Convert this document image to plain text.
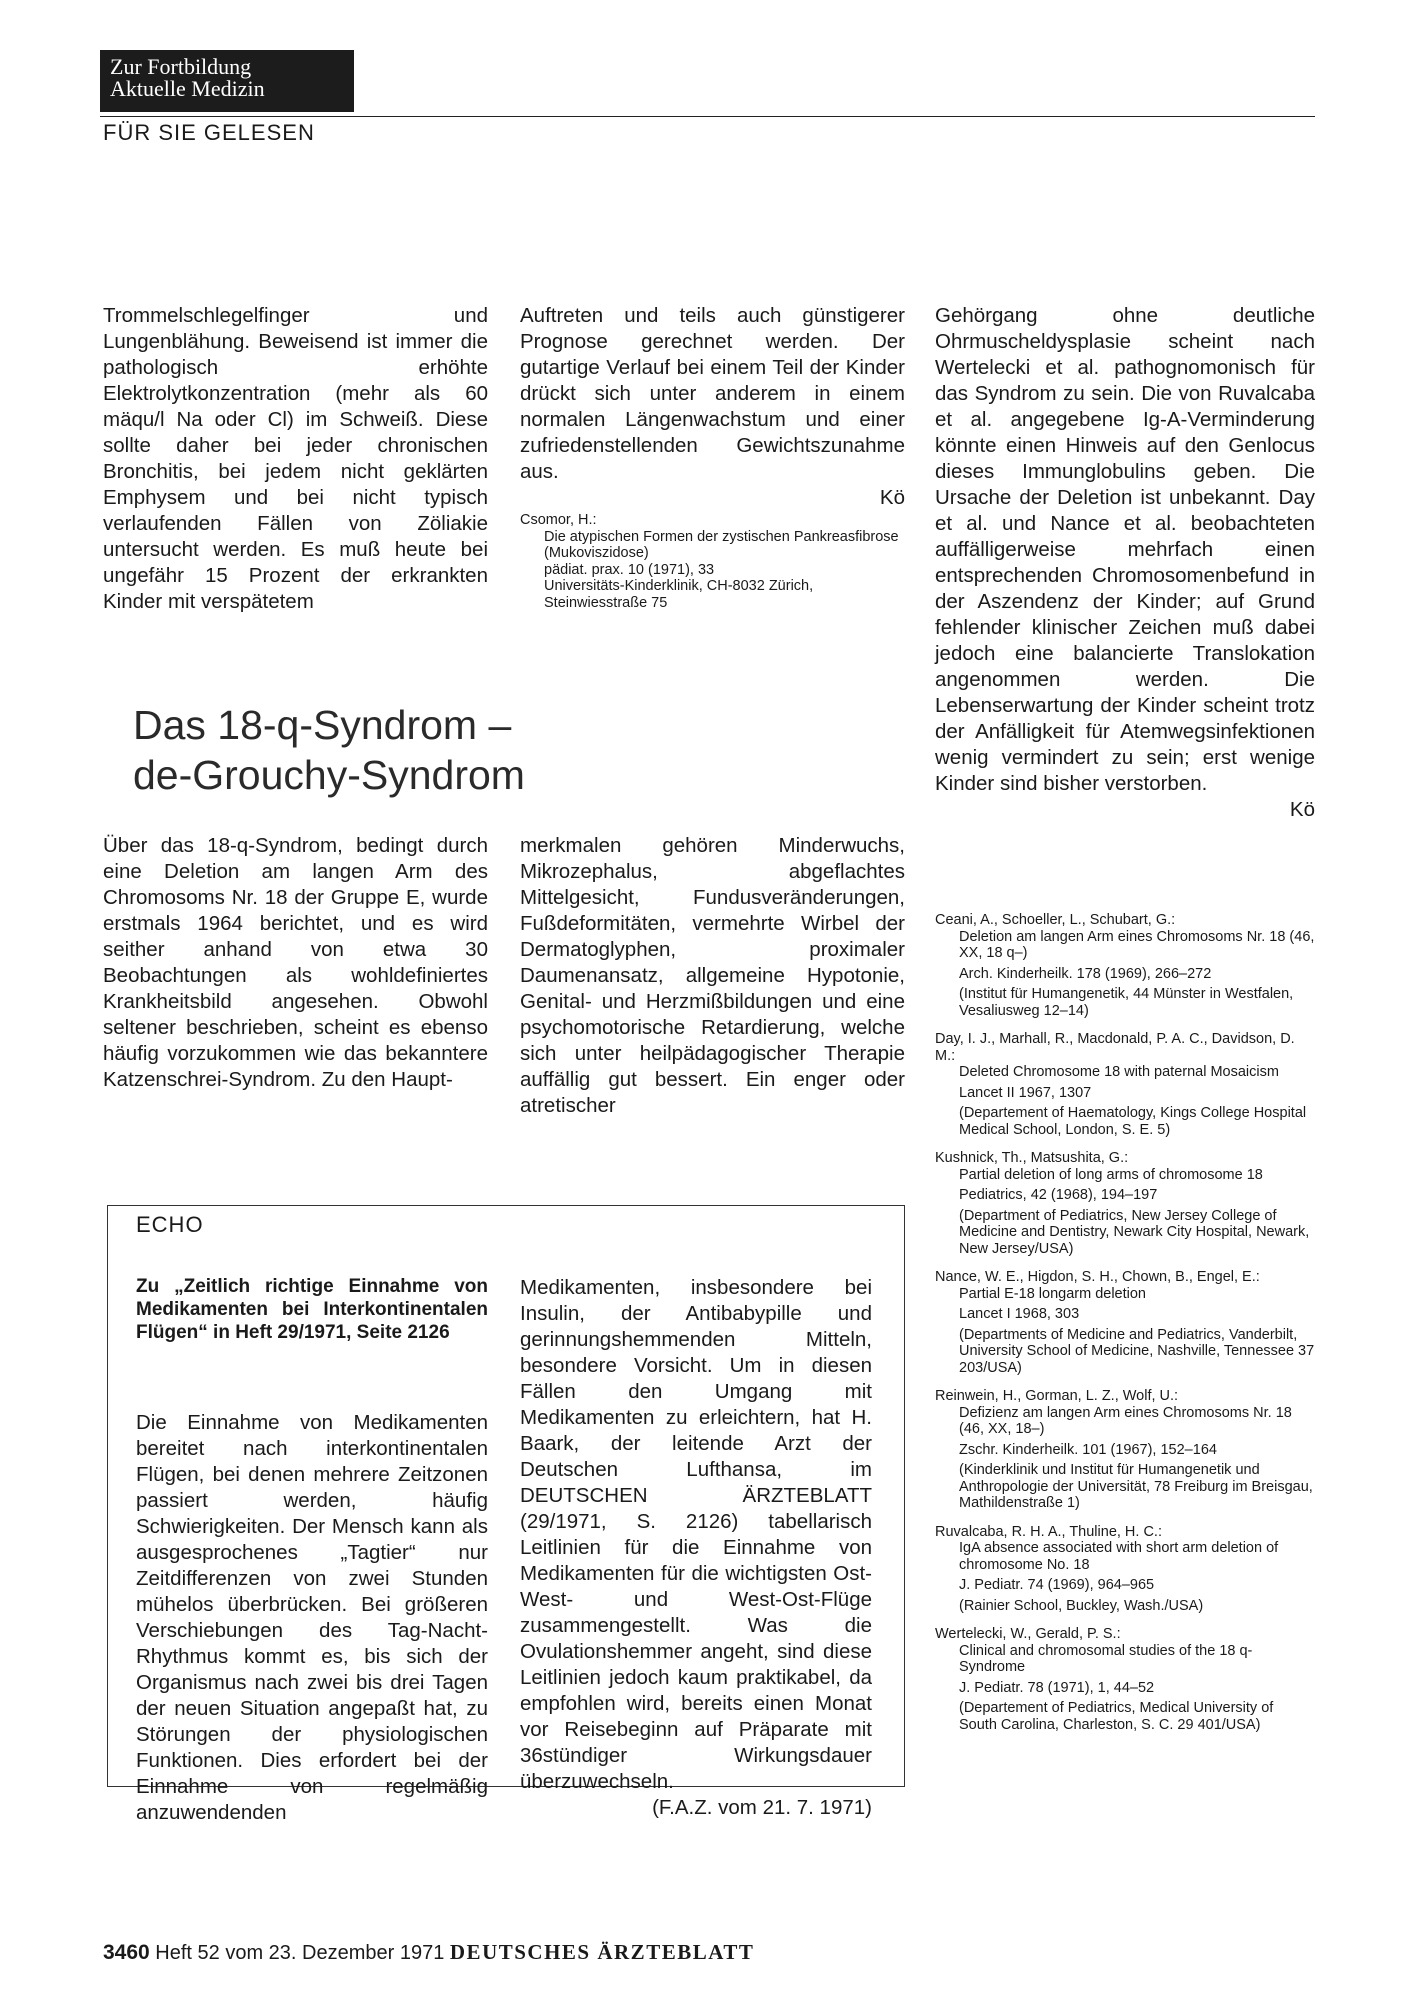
Zur Fortbildung
Aktuelle Medizin
FÜR SIE GELESEN

Trommelschlegelfinger und Lungenblähung. Beweisend ist immer die pathologisch erhöhte Elektrolytkonzentration (mehr als 60 mäqu/l Na oder Cl) im Schweiß. Diese sollte daher bei jeder chronischen Bronchitis, bei jedem nicht geklärten Emphysem und bei nicht typisch verlaufenden Fällen von Zöliakie untersucht werden. Es muß heute bei ungefähr 15 Prozent der erkrankten Kinder mit verspätetem

Auftreten und teils auch günstigerer Prognose gerechnet werden. Der gutartige Verlauf bei einem Teil der Kinder drückt sich unter anderem in einem normalen Längenwachstum und einer zufriedenstellenden Gewichtszunahme aus.

Kö

Csomor, H.:

Die atypischen Formen der zystischen Pankreasfibrose (Mukoviszidose)

pädiat. prax. 10 (1971), 33

Universitäts-Kinderklinik, CH-8032 Zürich, Steinwiesstraße 75

Gehörgang ohne deutliche Ohrmuscheldysplasie scheint nach Wertelecki et al. pathognomonisch für das Syndrom zu sein. Die von Ruvalcaba et al. angegebene Ig-A-Verminderung könnte einen Hinweis auf den Genlocus dieses Immunglobulins geben. Die Ursache der Deletion ist unbekannt. Day et al. und Nance et al. beobachteten auffälligerweise mehrfach einen entsprechenden Chromosomenbefund in der Aszendenz der Kinder; auf Grund fehlender klinischer Zeichen muß dabei jedoch eine balancierte Translokation angenommen werden. Die Lebenserwartung der Kinder scheint trotz der Anfälligkeit für Atemwegsinfektionen wenig vermindert zu sein; erst wenige Kinder sind bisher verstorben.

Kö

Das 18-q-Syndrom –
de-Grouchy-Syndrom

Über das 18-q-Syndrom, bedingt durch eine Deletion am langen Arm des Chromosoms Nr. 18 der Gruppe E, wurde erstmals 1964 berichtet, und es wird seither anhand von etwa 30 Beobachtungen als wohldefiniertes Krankheitsbild angesehen. Obwohl seltener beschrieben, scheint es ebenso häufig vorzukommen wie das bekanntere Katzenschrei-Syndrom. Zu den Haupt-

merkmalen gehören Minderwuchs, Mikrozephalus, abgeflachtes Mittelgesicht, Fundusveränderungen, Fußdeformitäten, vermehrte Wirbel der Dermatoglyphen, proximaler Daumenansatz, allgemeine Hypotonie, Genital- und Herzmißbildungen und eine psychomotorische Retardierung, welche sich unter heilpädagogischer Therapie auffällig gut bessert. Ein enger oder atretischer

Ceani, A., Schoeller, L., Schubart, G.:

Deletion am langen Arm eines Chromosoms Nr. 18 (46, XX, 18 q–)

Arch. Kinderheilk. 178 (1969), 266–272

(Institut für Humangenetik, 44 Münster in Westfalen, Vesaliusweg 12–14)

Day, I. J., Marhall, R., Macdonald, P. A. C., Davidson, D. M.:

Deleted Chromosome 18 with paternal Mosaicism

Lancet II 1967, 1307

(Departement of Haematology, Kings College Hospital Medical School, London, S. E. 5)

Kushnick, Th., Matsushita, G.:

Partial deletion of long arms of chromosome 18

Pediatrics, 42 (1968), 194–197

(Department of Pediatrics, New Jersey College of Medicine and Dentistry, Newark City Hospital, Newark, New Jersey/USA)

Nance, W. E., Higdon, S. H., Chown, B., Engel, E.:

Partial E-18 longarm deletion

Lancet I 1968, 303

(Departments of Medicine and Pediatrics, Vanderbilt, University School of Medicine, Nashville, Tennessee 37 203/USA)

Reinwein, H., Gorman, L. Z., Wolf, U.:

Defizienz am langen Arm eines Chromosoms Nr. 18 (46, XX, 18–)

Zschr. Kinderheilk. 101 (1967), 152–164

(Kinderklinik und Institut für Humangenetik und Anthropologie der Universität, 78 Freiburg im Breisgau, Mathildenstraße 1)

Ruvalcaba, R. H. A., Thuline, H. C.:

IgA absence associated with short arm deletion of chromosome No. 18

J. Pediatr. 74 (1969), 964–965

(Rainier School, Buckley, Wash./USA)

Wertelecki, W., Gerald, P. S.:

Clinical and chromosomal studies of the 18 q-Syndrome

J. Pediatr. 78 (1971), 1, 44–52

(Departement of Pediatrics, Medical University of South Carolina, Charleston, S. C. 29 401/USA)

ECHO
Zu „Zeitlich richtige Einnahme von Medikamenten bei Interkontinentalen Flügen“ in Heft 29/1971, Seite 2126

Die Einnahme von Medikamenten bereitet nach interkontinentalen Flügen, bei denen mehrere Zeitzonen passiert werden, häufig Schwierigkeiten. Der Mensch kann als ausgesprochenes „Tagtier“ nur Zeitdifferenzen von zwei Stunden mühelos überbrücken. Bei größeren Verschiebungen des Tag-Nacht-Rhythmus kommt es, bis sich der Organismus nach zwei bis drei Tagen der neuen Situation angepaßt hat, zu Störungen der physiologischen Funktionen. Dies erfordert bei der Einnahme von regelmäßig anzuwendenden

Medikamenten, insbesondere bei Insulin, der Antibabypille und gerinnungshemmenden Mitteln, besondere Vorsicht. Um in diesen Fällen den Umgang mit Medikamenten zu erleichtern, hat H. Baark, der leitende Arzt der Deutschen Lufthansa, im DEUTSCHEN ÄRZTEBLATT (29/1971, S. 2126) tabellarisch Leitlinien für die Einnahme von Medikamenten für die wichtigsten Ost-West- und West-Ost-Flüge zusammengestellt. Was die Ovulationshemmer angeht, sind diese Leitlinien jedoch kaum praktikabel, da empfohlen wird, bereits einen Monat vor Reisebeginn auf Präparate mit 36stündiger Wirkungsdauer überzuwechseln.

(F.A.Z. vom 21. 7. 1971)

3460 Heft 52 vom 23. Dezember 1971 DEUTSCHES ÄRZTEBLATT
